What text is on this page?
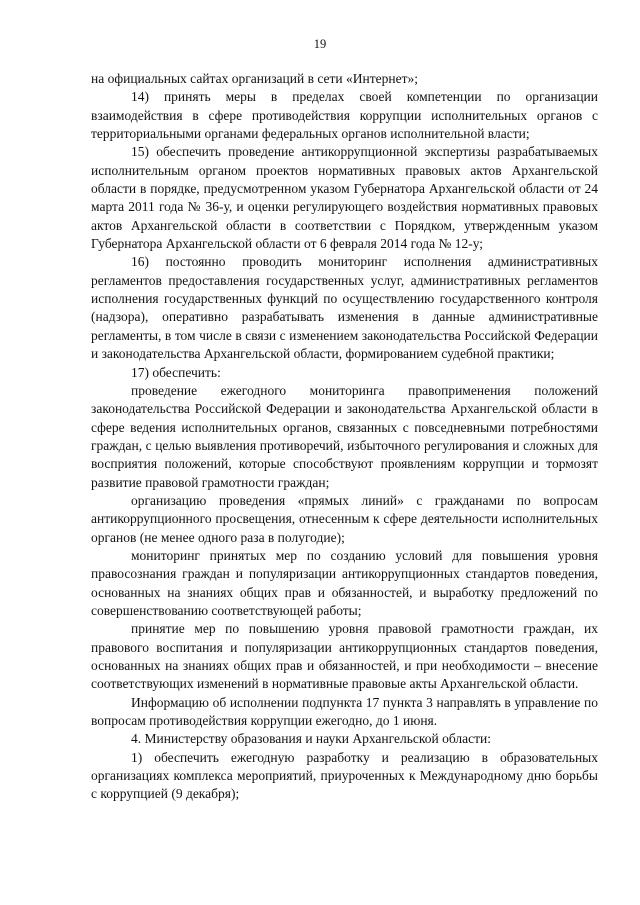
19

на официальных сайтах организаций в сети «Интернет»;

14) принять меры в пределах своей компетенции по организации взаимодействия в сфере противодействия коррупции исполнительных органов с территориальными органами федеральных органов исполнительной власти;

15) обеспечить проведение антикоррупционной экспертизы разрабатываемых исполнительным органом проектов нормативных правовых актов Архангельской области в порядке, предусмотренном указом Губернатора Архангельской области от 24 марта 2011 года № 36-у, и оценки регулирующего воздействия нормативных правовых актов Архангельской области в соответствии с Порядком, утвержденным указом Губернатора Архангельской области от 6 февраля 2014 года № 12-у;

16) постоянно проводить мониторинг исполнения административных регламентов предоставления государственных услуг, административных регламентов исполнения государственных функций по осуществлению государственного контроля (надзора), оперативно разрабатывать изменения в данные административные регламенты, в том числе в связи с изменением законодательства Российской Федерации и законодательства Архангельской области, формированием судебной практики;

17) обеспечить:

проведение ежегодного мониторинга правоприменения положений законодательства Российской Федерации и законодательства Архангельской области в сфере ведения исполнительных органов, связанных с повседневными потребностями граждан, с целью выявления противоречий, избыточного регулирования и сложных для восприятия положений, которые способствуют проявлениям коррупции и тормозят развитие правовой грамотности граждан;

организацию проведения «прямых линий» с гражданами по вопросам антикоррупционного просвещения, отнесенным к сфере деятельности исполнительных органов (не менее одного раза в полугодие);

мониторинг принятых мер по созданию условий для повышения уровня правосознания граждан и популяризации антикоррупционных стандартов поведения, основанных на знаниях общих прав и обязанностей, и выработку предложений по совершенствованию соответствующей работы;

принятие мер по повышению уровня правовой грамотности граждан, их правового воспитания и популяризации антикоррупционных стандартов поведения, основанных на знаниях общих прав и обязанностей, и при необходимости – внесение соответствующих изменений в нормативные правовые акты Архангельской области.

Информацию об исполнении подпункта 17 пункта 3 направлять в управление по вопросам противодействия коррупции ежегодно, до 1 июня.

4. Министерству образования и науки Архангельской области:

1) обеспечить ежегодную разработку и реализацию в образовательных организациях комплекса мероприятий, приуроченных к Международному дню борьбы с коррупцией (9 декабря);
